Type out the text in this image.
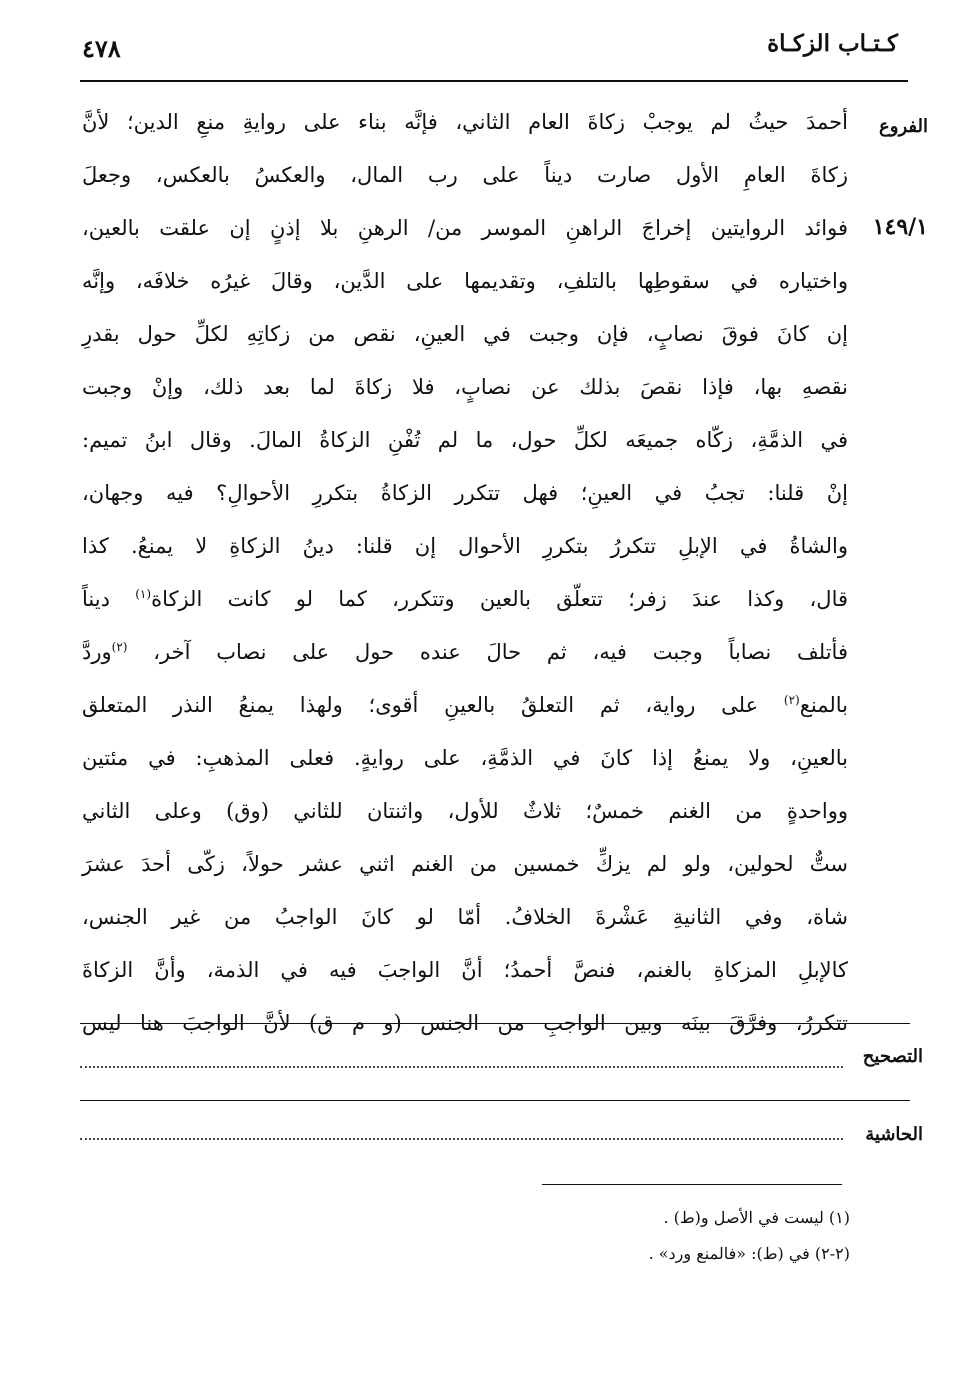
كـتـاب الزكـاة
٤٧٨
الفروع
١٤٩/١
أحمدَ حيثُ لم يوجبْ زكاةَ العام الثاني، فإنَّه بناء على روايةِ منعِ الدين؛ لأنَّ
زكاةَ العامِ الأول صارت ديناً على رب المال، والعكسُ بالعكس، وجعلَ
فوائد الروايتين إخراجَ الراهنِ الموسر من/ الرهنِ بلا إذنٍ إن علقت بالعين،
واختياره في سقوطِها بالتلفِ، وتقديمها على الدَّين، وقالَ غيرُه خلافَه، وإنَّه
إن كانَ فوقَ نصابٍ، فإن وجبت في العينِ، نقص من زكاتِهِ لكلِّ حول بقدرِ
نقصهِ بها، فإذا نقصَ بذلك عن نصابٍ، فلا زكاةَ لما بعد ذلك، وإنْ وجبت
في الذمَّةِ، زكّاه جميعَه لكلِّ حول، ما لم تُفْنِ الزكاةُ المالَ. وقال ابنُ تميم:
إنْ قلنا: تجبُ في العينِ؛ فهل تتكرر الزكاةُ بتكررِ الأحوالِ؟ فيه وجهان،
والشاةُ في الإبلِ تتكررُ بتكررِ الأحوال إن قلنا: دينُ الزكاةِ لا يمنعُ. كذا
قال، وكذا عندَ زفر؛ تتعلّق بالعين وتتكرر، كما لو كانت الزكاة$^{(١)}$ ديناً
فأتلف نصاباً وجبت فيه، ثم حالَ عنده حول على نصاب آخر، $^{(٢)}$وردَّ
بالمنع$^{(٢)}$ على رواية، ثم التعلقُ بالعينِ أقوى؛ ولهذا يمنعُ النذر المتعلق
بالعينِ، ولا يمنعُ إذا كانَ في الذمَّةِ، على روايةٍ. فعلى المذهبِ: في مئتين
وواحدةٍ من الغنم خمسٌ؛ ثلاثٌ للأول، واثنتان للثاني (وق) وعلى الثاني
ستٌّ لحولين، ولو لم يزكِّ خمسين من الغنم اثني عشر حولاً، زكّى أحدَ عشرَ
شاة، وفي الثانيةِ عَشْرةَ الخلافُ. أمّا لو كانَ الواجبُ من غير الجنس،
كالإبلِ المزكاةِ بالغنم، فنصَّ أحمدُ؛ أنَّ الواجبَ فيه في الذمة، وأنَّ الزكاةَ
تتكررُ، وفرَّقَ بينَه وبين الواجبِ من الجنس (و م ق) لأنَّ الواجبَ هنا ليس
التصحيح
الحاشية
(١) ليست في الأصل و(ط) .
(٢-٢) في (ط): «فالمنع ورد» .
